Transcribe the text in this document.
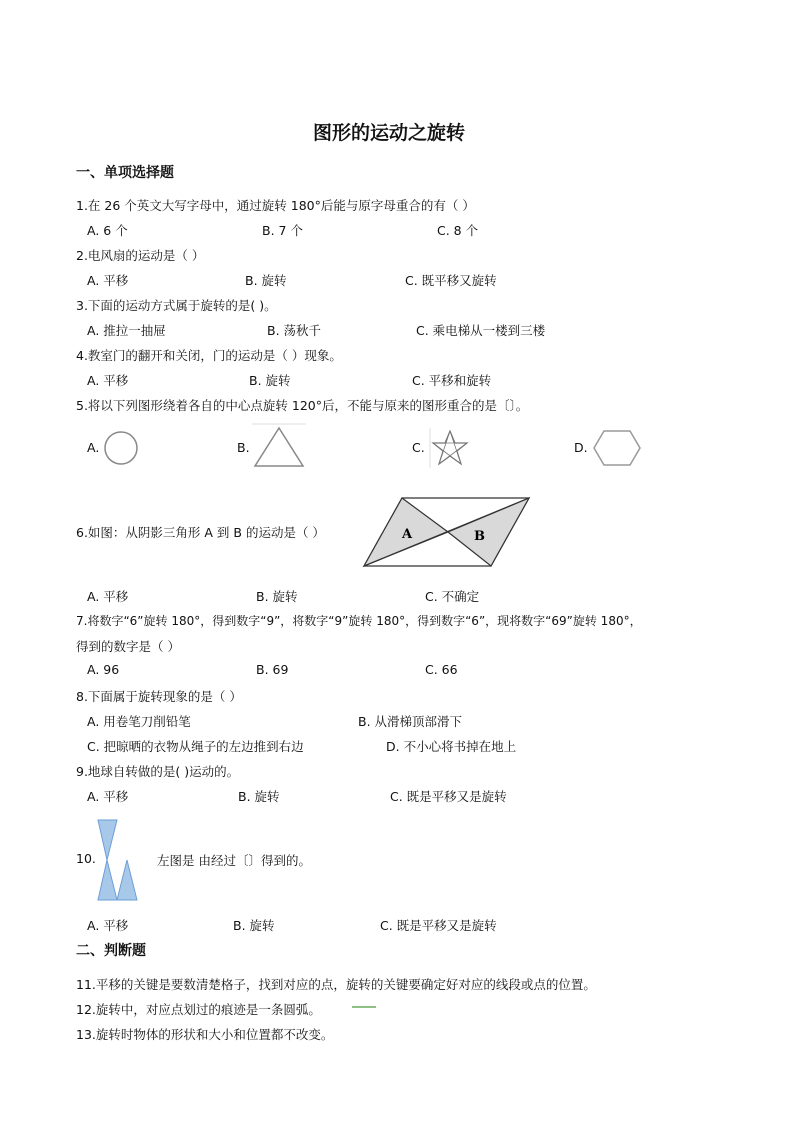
图形的运动之旋转
一、单项选择题
1.在 26 个英文大写字母中，通过旋转 180°后能与原字母重合的有（ ）
A. 6 个	B. 7 个	C. 8 个
2.电风扇的运动是（ ）
A. 平移	B. 旋转	C. 既平移又旋转
3.下面的运动方式属于旋转的是( )。
A. 推拉一抽屉	B. 荡秋千	C. 乘电梯从一楼到三楼
4.教室门的翻开和关闭，门的运动是（ ）现象。
A. 平移	B. 旋转	C. 平移和旋转
5.将以下列图形绕着各自的中心点旋转 120°后，不能与原来的图形重合的是〔〕。
A.	B.	C.	D.
6.如图：从阴影三角形 A 到 B 的运动是（ ）	A	B
A. 平移	B. 旋转	C. 不确定
7.将数字“6”旋转 180°，得到数字“9”，将数字“9”旋转 180°，得到数字“6”，现将数字“69”旋转 180°，
得到的数字是（ ）
A. 96	B. 69	C. 66
8.下面属于旋转现象的是（ ）
A. 用卷笔刀削铅笔	B. 从滑梯顶部滑下
C. 把晾晒的衣物从绳子的左边推到右边	D. 不小心将书掉在地上
9.地球自转做的是( )运动的。
A. 平移	B. 旋转	C. 既是平移又是旋转
10.	左图是 由经过〔〕得到的。
A. 平移	B. 旋转	C. 既是平移又是旋转
二、判断题
11.平移的关键是要数清楚格子，找到对应的点，旋转的关键要确定好对应的线段或点的位置。
12.旋转中，对应点划过的痕迹是一条圆弧。
13.旋转时物体的形状和大小和位置都不改变。
